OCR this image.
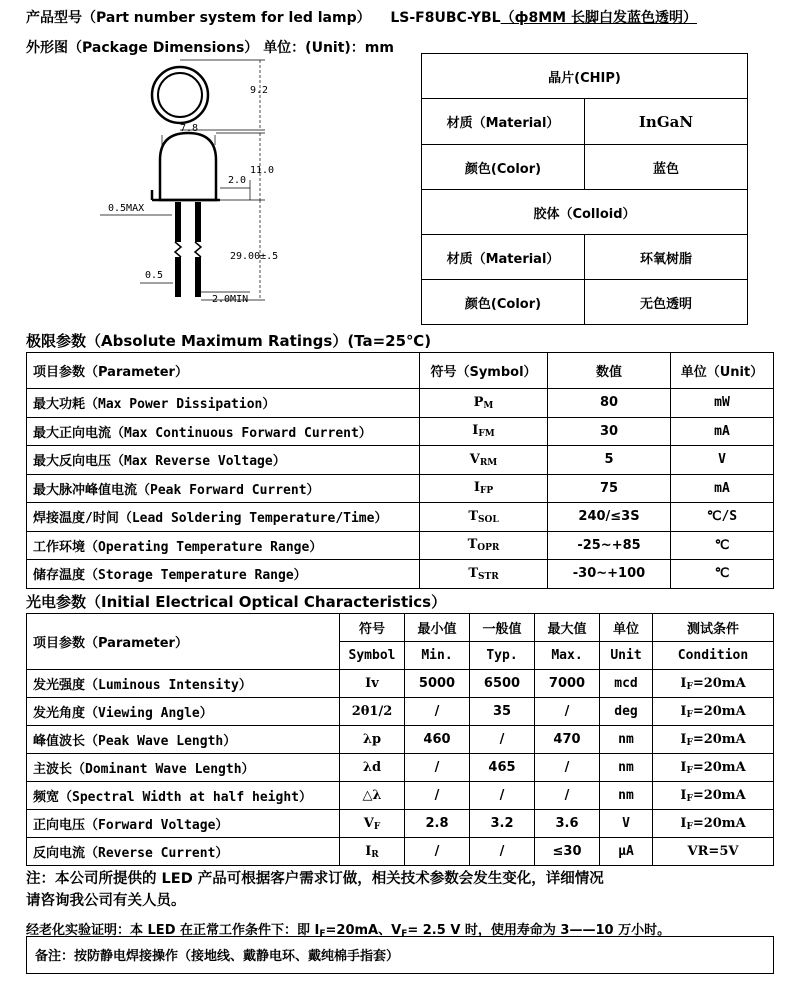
产品型号（Part number system for led lamp） LS-F8UBC-YBL（ф8MM 长脚白发蓝色透明）
外形图（Package Dimensions） 单位：(Unit)：mm
9.2
7.8
11.0
2.0
0.5MAX
29.00±.5
0.5
2.0MIN
晶片(CHIP)	
材质（Material）	InGaN
颜色(Color)	蓝色
胶体（Colloid）	
材质（Material）	环氧树脂
颜色(Color)	无色透明
极限参数（Absolute Maximum Ratings）(Ta=25℃)
项目参数（Parameter）	符号（Symbol）	数值	单位（Unit）
最大功耗（Max Power Dissipation）	$P_M$	80	mW
最大正向电流（Max Continuous Forward Current）	$I_{FM}$	30	mA
最大反向电压（Max Reverse Voltage）	$V_{RM}$	5	V
最大脉冲峰值电流（Peak Forward Current）	$I_{FP}$	75	mA
焊接温度/时间（Lead Soldering Temperature/Time）	$T_{SOL}$	240/≤3S	℃/S
工作环境（Operating Temperature Range）	$T_{OPR}$	-25~+85	℃
储存温度（Storage Temperature Range）	$T_{STR}$	-30~+100	℃
光电参数（Initial Electrical Optical Characteristics）
项目参数（Parameter）	符号	最小值	一般值	最大值	单位	测试条件
	Symbol	Min.	Typ.	Max.	Unit	Condition
发光强度（Luminous Intensity）	Iv	5000	6500	7000	mcd	$I_F=20mA$
发光角度（Viewing Angle）	2θ1/2	/	35	/	deg	$I_F=20mA$
峰值波长（Peak Wave Length）	λp	460	/	470	nm	$I_F=20mA$
主波长（Dominant Wave Length）	λd	/	465	/	nm	$I_F=20mA$
频宽（Spectral Width at half height）	△λ	/	/	/	nm	$I_F=20mA$
正向电压（Forward Voltage）	$V_F$	2.8	3.2	3.6	V	$I_F=20mA$
反向电流（Reverse Current）	$I_R$	/	/	≤30	μA	VR=5V
注：本公司所提供的 LED 产品可根据客户需求订做，相关技术参数会发生变化，详细情况
请咨询我公司有关人员。
经老化实验证明：本 LED 在正常工作条件下：即 $I_F=20mA$、$V_F= 2.5$ V 时，使用寿命为 3——10 万小时。
备注：按防静电焊接操作（接地线、戴静电环、戴纯棉手指套）
